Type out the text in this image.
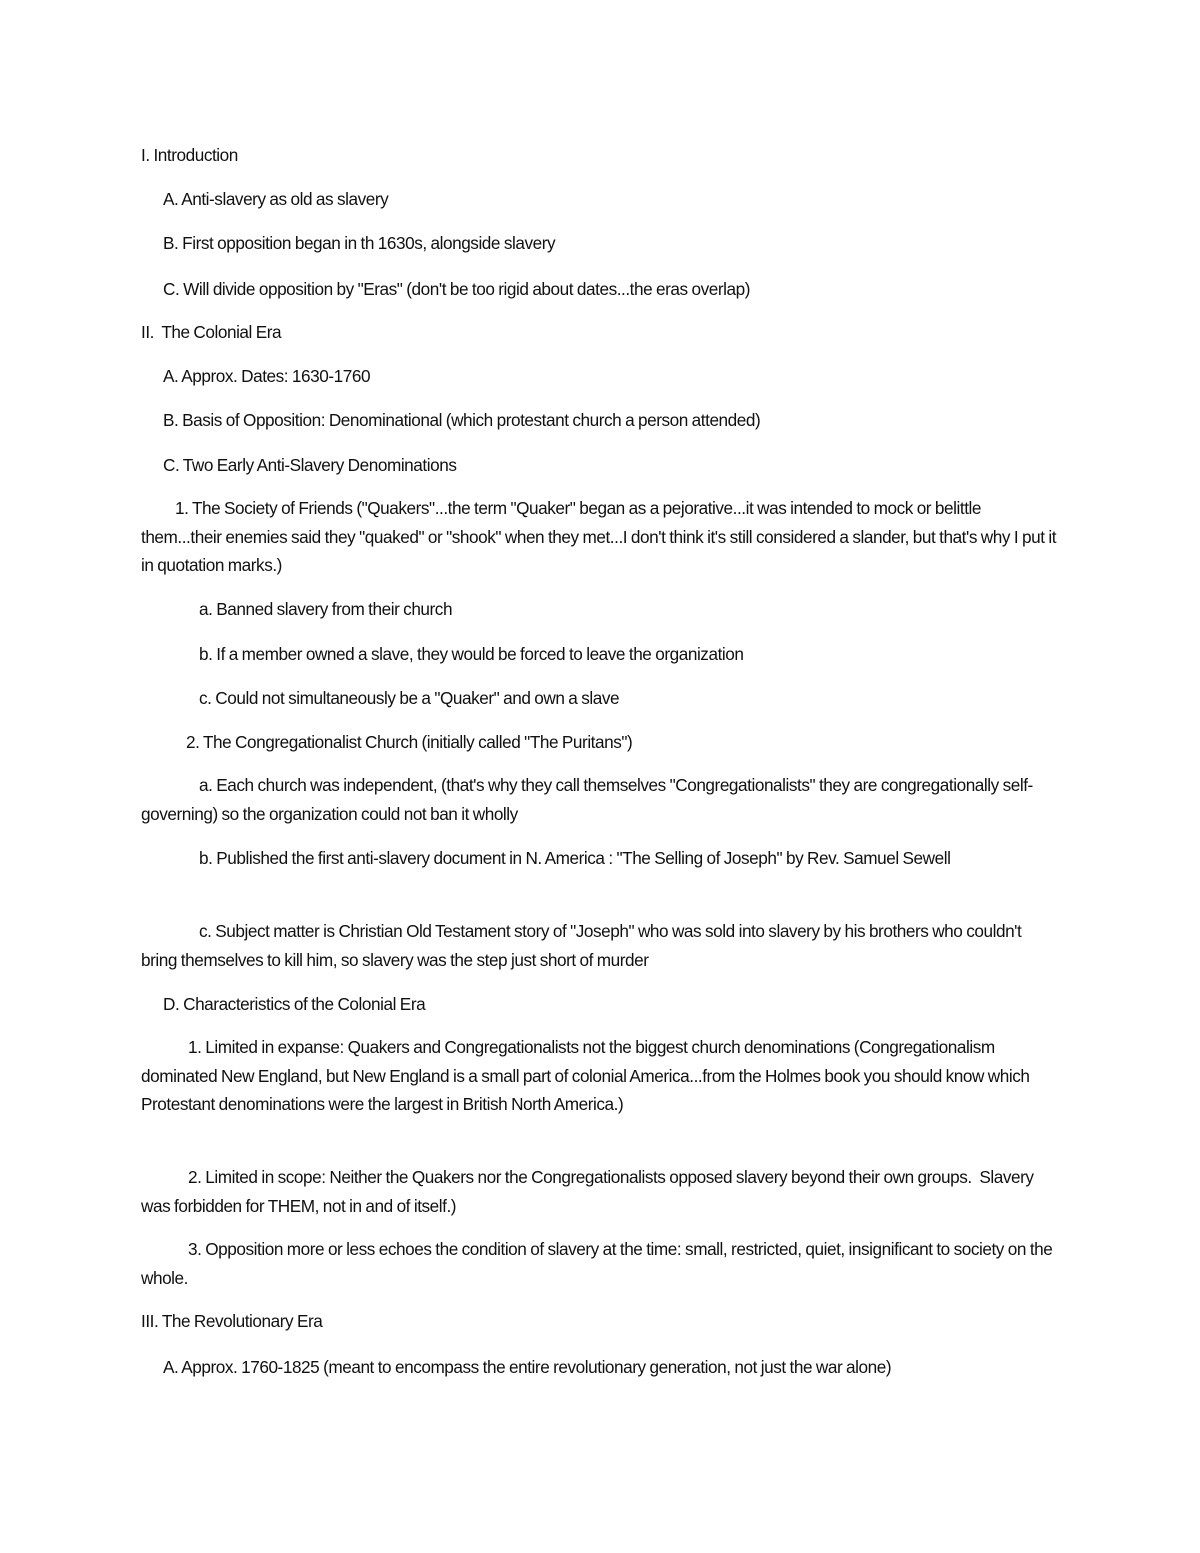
I. Introduction
A. Anti-slavery as old as slavery
B. First opposition began in th 1630s, alongside slavery
C. Will divide opposition by "Eras" (don't be too rigid about dates...the eras overlap)
II.  The Colonial Era
A. Approx. Dates: 1630-1760
B. Basis of Opposition: Denominational (which protestant church a person attended)
C. Two Early Anti-Slavery Denominations
1. The Society of Friends ("Quakers"...the term "Quaker" began as a pejorative...it was intended to mock or belittle them...their enemies said they "quaked" or "shook" when they met...I don't think it's still considered a slander, but that's why I put it in quotation marks.)
a. Banned slavery from their church
b. If a member owned a slave, they would be forced to leave the organization
c. Could not simultaneously be a "Quaker" and own a slave
2. The Congregationalist Church (initially called "The Puritans")
a. Each church was independent, (that's why they call themselves "Congregationalists" they are congregationally self-governing) so the organization could not ban it wholly
b. Published the first anti-slavery document in N. America : "The Selling of Joseph" by Rev. Samuel Sewell
c. Subject matter is Christian Old Testament story of "Joseph" who was sold into slavery by his brothers who couldn't bring themselves to kill him, so slavery was the step just short of murder
D. Characteristics of the Colonial Era
1. Limited in expanse: Quakers and Congregationalists not the biggest church denominations (Congregationalism dominated New England, but New England is a small part of colonial America...from the Holmes book you should know which Protestant denominations were the largest in British North America.)
2. Limited in scope: Neither the Quakers nor the Congregationalists opposed slavery beyond their own groups.  Slavery was forbidden for THEM, not in and of itself.)
3. Opposition more or less echoes the condition of slavery at the time: small, restricted, quiet, insignificant to society on the whole.
III. The Revolutionary Era
A. Approx. 1760-1825 (meant to encompass the entire revolutionary generation, not just the war alone)
